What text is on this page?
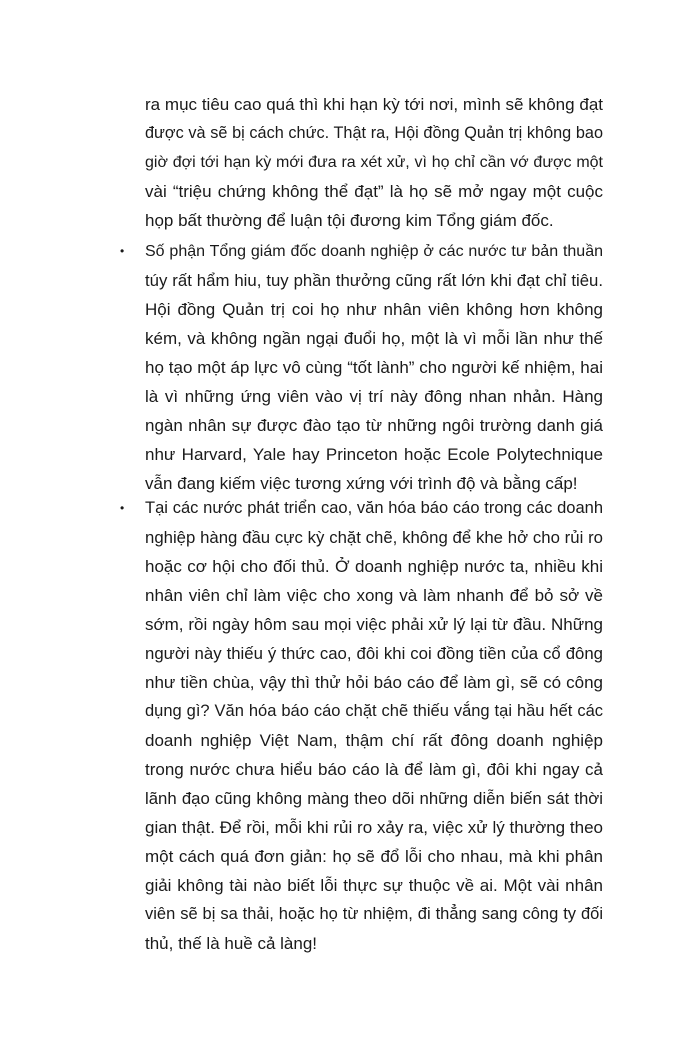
ra mục tiêu cao quá thì khi hạn kỳ tới nơi, mình sẽ không đạt
được và sẽ bị cách chức. Thật ra, Hội đồng Quản trị không bao
giờ đợi tới hạn kỳ mới đưa ra xét xử, vì họ chỉ cần vớ được một
vài “triệu chứng không thể đạt” là họ sẽ mở ngay một cuộc
họp bất thường để luận tội đương kim Tổng giám đốc.
•	Số phận Tổng giám đốc doanh nghiệp ở các nước tư bản thuần
túy rất hẩm hiu, tuy phần thưởng cũng rất lớn khi đạt chỉ tiêu.
Hội đồng Quản trị coi họ như nhân viên không hơn không
kém, và không ngần ngại đuổi họ, một là vì mỗi lần như thế
họ tạo một áp lực vô cùng “tốt lành” cho người kế nhiệm, hai
là vì những ứng viên vào vị trí này đông nhan nhản. Hàng
ngàn nhân sự được đào tạo từ những ngôi trường danh giá
như Harvard, Yale hay Princeton hoặc Ecole Polytechnique
vẫn đang kiếm việc tương xứng với trình độ và bằng cấp!
•	Tại các nước phát triển cao, văn hóa báo cáo trong các doanh
nghiệp hàng đầu cực kỳ chặt chẽ, không để khe hở cho rủi ro
hoặc cơ hội cho đối thủ. Ở doanh nghiệp nước ta, nhiều khi
nhân viên chỉ làm việc cho xong và làm nhanh để bỏ sở về
sớm, rồi ngày hôm sau mọi việc phải xử lý lại từ đầu. Những
người này thiếu ý thức cao, đôi khi coi đồng tiền của cổ đông
như tiền chùa, vậy thì thử hỏi báo cáo để làm gì, sẽ có công
dụng gì? Văn hóa báo cáo chặt chẽ thiếu vắng tại hầu hết các
doanh nghiệp Việt Nam, thậm chí rất đông doanh nghiệp
trong nước chưa hiểu báo cáo là để làm gì, đôi khi ngay cả
lãnh đạo cũng không màng theo dõi những diễn biến sát thời
gian thật. Để rồi, mỗi khi rủi ro xảy ra, việc xử lý thường theo
một cách quá đơn giản: họ sẽ đổ lỗi cho nhau, mà khi phân
giải không tài nào biết lỗi thực sự thuộc về ai. Một vài nhân
viên sẽ bị sa thải, hoặc họ từ nhiệm, đi thẳng sang công ty đối
thủ, thế là huề cả làng!
